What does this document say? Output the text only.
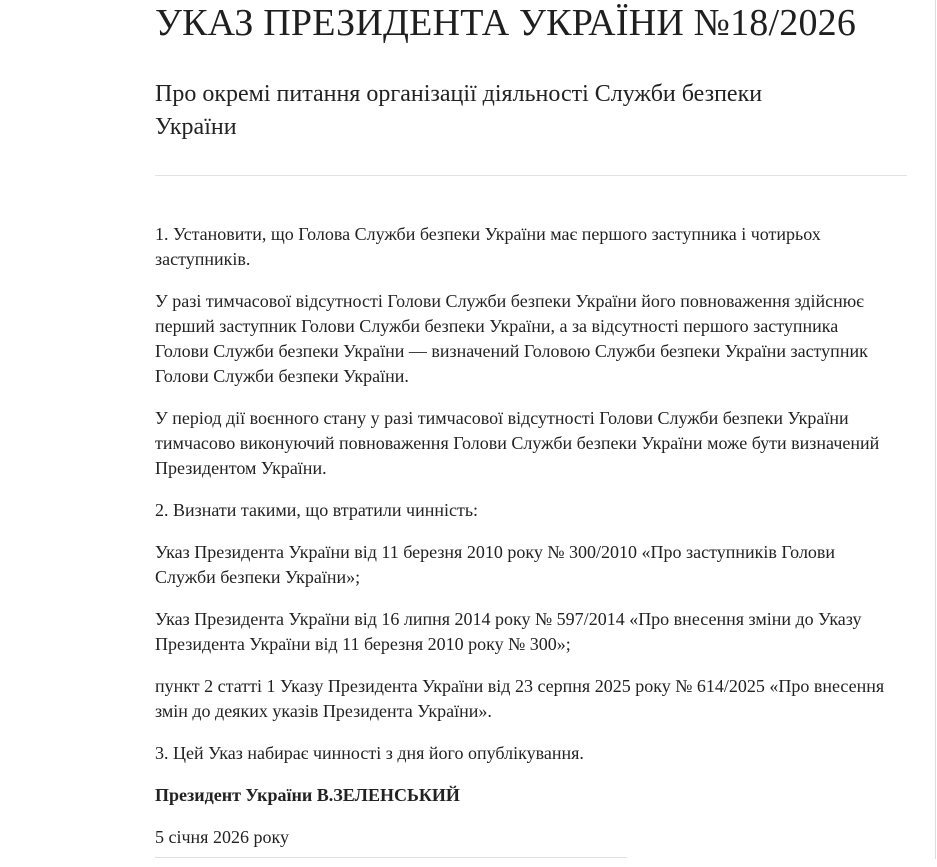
УКАЗ ПРЕЗИДЕНТА УКРАЇНИ №18/2026
Про окремі питання організації діяльності Служби безпеки України

1. Установити, що Голова Служби безпеки України має першого заступника і чотирьох заступників.

У разі тимчасової відсутності Голови Служби безпеки України його повноваження здійснює перший заступник Голови Служби безпеки України, а за відсутності першого заступника Голови Служби безпеки України — визначений Головою Служби безпеки України заступник Голови Служби безпеки України.

У період дії воєнного стану у разі тимчасової відсутності Голови Служби безпеки України тимчасово виконуючий повноваження Голови Служби безпеки України може бути визначений Президентом України.

2. Визнати такими, що втратили чинність:

Указ Президента України від 11 березня 2010 року № 300/2010 «Про заступників Голови Служби безпеки України»;

Указ Президента України від 16 липня 2014 року № 597/2014 «Про внесення зміни до Указу Президента України від 11 березня 2010 року № 300»;

пункт 2 статті 1 Указу Президента України від 23 серпня 2025 року № 614/2025 «Про внесення змін до деяких указів Президента України».

3. Цей Указ набирає чинності з дня його опублікування.

Президент України В.ЗЕЛЕНСЬКИЙ

5 січня 2026 року
